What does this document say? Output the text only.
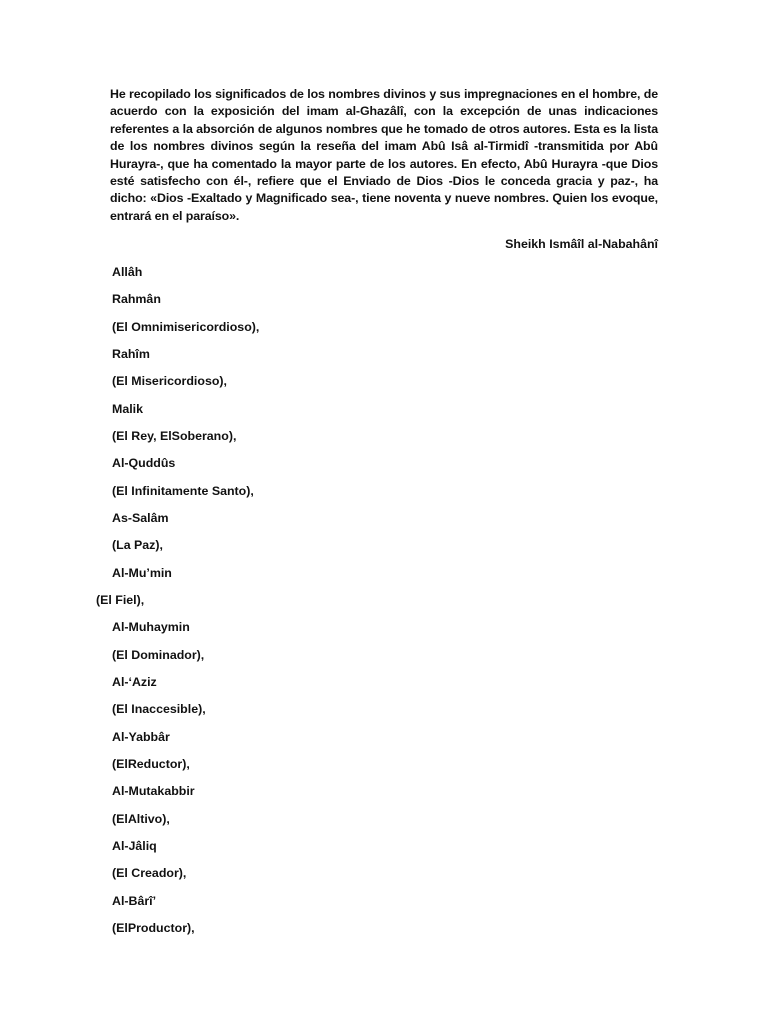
He recopilado los significados de los nombres divinos y sus impregnaciones en el hombre, de acuerdo con la exposición del imam al-Ghazâlî, con la excepción de unas indicaciones referentes a la absorción de algunos nombres que he tomado de otros autores. Esta es la lista de los nombres divinos según la reseña del imam Abû Isâ al-Tirmidî -transmitida por Abû Hurayra-, que ha comentado la mayor parte de los autores. En efecto, Abû Hurayra -que Dios esté satisfecho con él-, refiere que el Enviado de Dios -Dios le conceda gracia y paz-, ha dicho: «Dios -Exaltado y Magnificado sea-, tiene noventa y nueve nombres. Quien los evoque, entrará en el paraíso».

Sheikh Ismâîl al-Nabahânî
Allâh
Rahmân
(El Omnimisericordioso),
Rahîm
(El Misericordioso),
Malik
(El Rey, ElSoberano),
Al-Quddûs
(El Infinitamente Santo),
As-Salâm
(La Paz),
Al-Mu’min
(El Fiel),
Al-Muhaymin
(El Dominador),
Al-‘Aziz
(El Inaccesible),
Al-Yabbâr
(ElReductor),
Al-Mutakabbir
(ElAltivo),
Al-Jâliq
(El Creador),
Al-Bârî’
(ElProductor),
